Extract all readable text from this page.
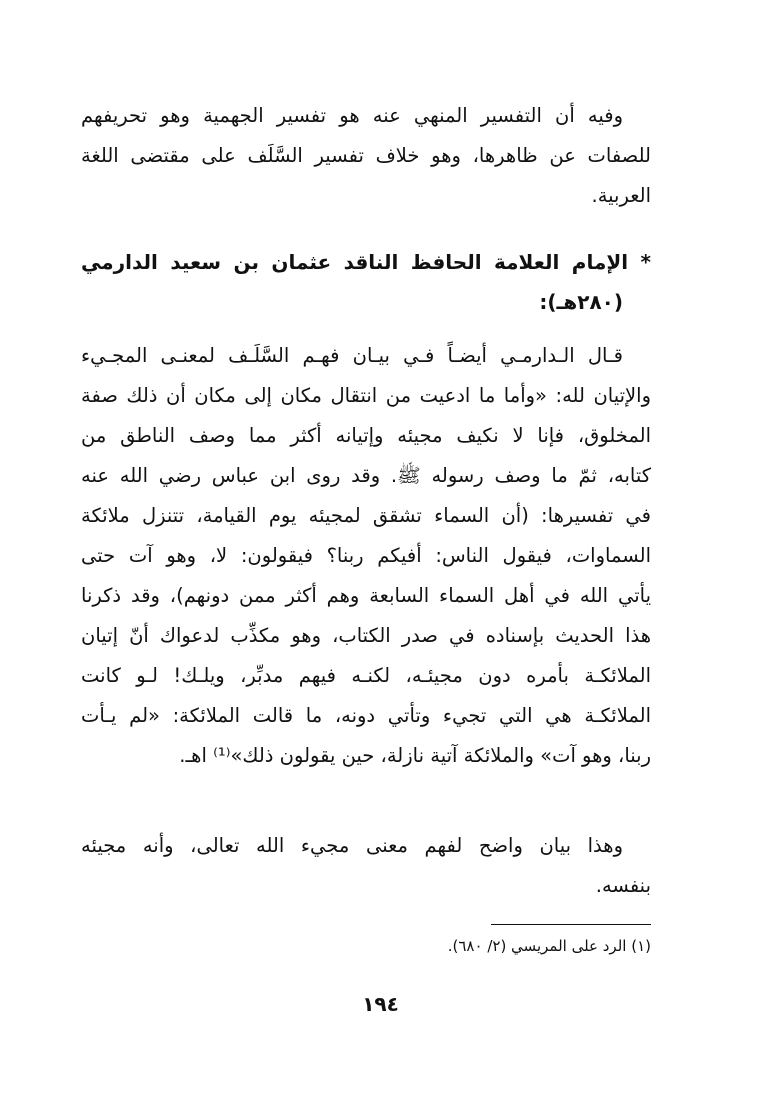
وفيه أن التفسير المنهي عنه هو تفسير الجهمية وهو تحريفهم
للصفات عن ظاهرها، وهو خلاف تفسير السَّلَف على مقتضى اللغة
العربية.
* الإمام العلامة الحافظ الناقد عثمان بن سعيد الدارمي
(٢٨٠هـ):
قـال الـدارمـي أيضـاً فـي بيـان فهـم السَّلَـف لمعنـى المجـيء
والإتيان لله: «وأما ما ادعيت من انتقال مكان إلى مكان أن ذلك صفة
المخلوق، فإنا لا نكيف مجيئه وإتيانه أكثر مما وصف الناطق من
كتابه، ثمّ ما وصف رسوله ﷺ. وقد روى ابن عباس رضي الله عنه
في تفسيرها: (أن السماء تشقق لمجيئه يوم القيامة، تتنزل ملائكة
السماوات، فيقول الناس: أفيكم ربنا؟ فيقولون: لا، وهو آت حتى
يأتي الله في أهل السماء السابعة وهم أكثر ممن دونهم)، وقد ذكرنا
هذا الحديث بإسناده في صدر الكتاب، وهو مكذِّب لدعواك أنّ إتيان
الملائكـة بأمره دون مجيئـه، لكنـه فيهم مدبِّر، ويلـك! لـو كانت
الملائكـة هي التي تجيء وتأتي دونه، ما قالت الملائكة: «لم يـأت
ربنا، وهو آت» والملائكة آتية نازلة، حين يقولون ذلك»⁽¹⁾ اهـ.
وهذا بيان واضح لفهم معنى مجيء الله تعالى، وأنه مجيئه
بنفسه.
(١) الرد على المريسي (٢/ ٦٨٠).
١٩٤
